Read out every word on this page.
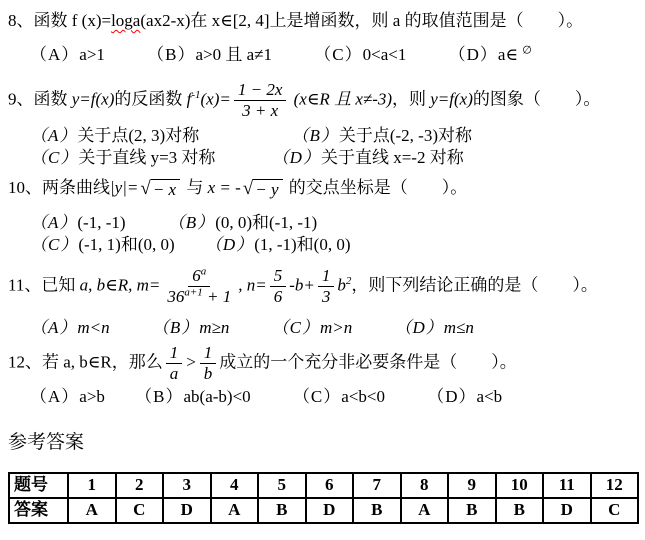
8、函数 f (x)=loga(ax2-x)在 x∈[2, 4]上是增函数，则 a 的取值范围是（　　）。
（A）a>1 （B）a>0 且 a≠1 （C）0<a<1 （D）a∈ ∅
9、函数 y=f(x)的反函数 $f^{-1}(x)= \frac{1 - 2x}{3 + x}$ (x∈R 且 x≠-3)，则 y=f(x)的图象（　　）。
（A）关于点(2, 3)对称	（B）关于点(-2, -3)对称
（C）关于直线 y=3 对称	（D）关于直线 x=-2 对称
10、两条曲线|y|= √ − x 与 x = - √ − y 的交点坐标是（　　）。
（A）(-1, -1) （B）(0, 0)和(-1, -1)
（C）(-1, 1)和(0, 0) （D）(1, -1)和(0, 0)
11、已知 a, b∈R, $m= \frac{6^a}{36^{a+1} + 1}$ , $n= \frac{5}{6} -b+ \frac{1}{3} b^2$，则下列结论正确的是（　　）。
（A）m<n （B）m≥n （C）m>n （D）m≤n
12、若 a, b∈R，那么 $\frac{1}{a} > \frac{1}{b}$ 成立的一个充分非必要条件是（　　）。
（A）a>b （B）ab(a-b)<0 （C）a<b<0 （D）a<b
参考答案
题号	1	2	3	4	5	6	7	8	9	10	11	12
答案	A	C	D	A	B	D	B	A	B	B	D	C
